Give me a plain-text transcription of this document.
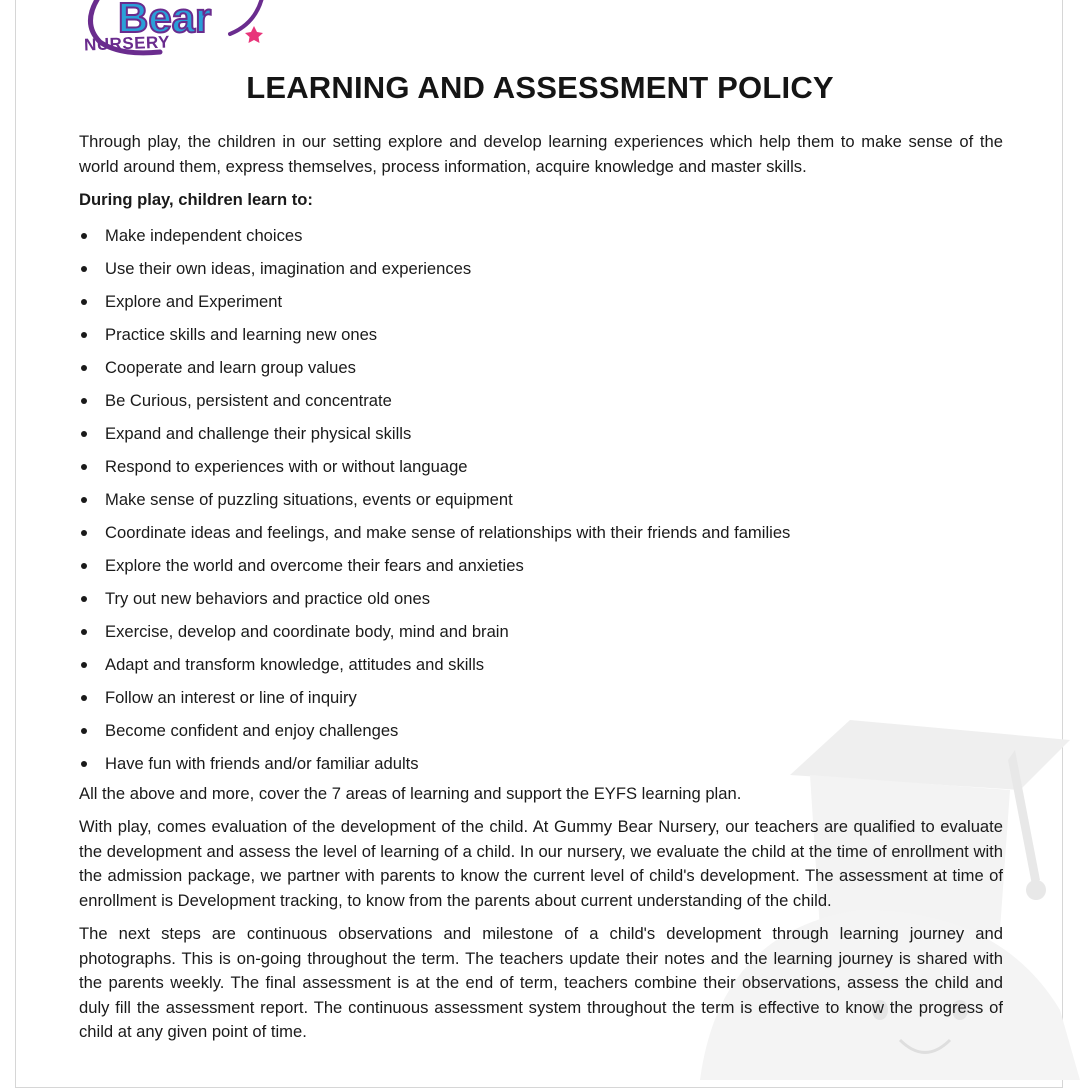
Bear
NURSERY
LEARNING AND ASSESSMENT POLICY

Through play, the children in our setting explore and develop learning experiences which help them to make sense of the world around them, express themselves, process information, acquire knowledge and master skills.

During play, children learn to:

Make independent choices
Use their own ideas, imagination and experiences
Explore and Experiment
Practice skills and learning new ones
Cooperate and learn group values
Be Curious, persistent and concentrate
Expand and challenge their physical skills
Respond to experiences with or without language
Make sense of puzzling situations, events or equipment
Coordinate ideas and feelings, and make sense of relationships with their friends and families
Explore the world and overcome their fears and anxieties
Try out new behaviors and practice old ones
Exercise, develop and coordinate body, mind and brain
Adapt and transform knowledge, attitudes and skills
Follow an interest or line of inquiry
Become confident and enjoy challenges
Have fun with friends and/or familiar adults

All the above and more, cover the 7 areas of learning and support the EYFS learning plan.

With play, comes evaluation of the development of the child. At Gummy Bear Nursery, our teachers are qualified to evaluate the development and assess the level of learning of a child. In our nursery, we evaluate the child at the time of enrollment with the admission package, we partner with parents to know the current level of child's development. The assessment at time of enrollment is Development tracking, to know from the parents about current understanding of the child.

The next steps are continuous observations and milestone of a child's development through learning journey and photographs. This is on-going throughout the term. The teachers update their notes and the learning journey is shared with the parents weekly. The final assessment is at the end of term, teachers combine their observations, assess the child and duly fill the assessment report. The continuous assessment system throughout the term is effective to know the progress of child at any given point of time.
